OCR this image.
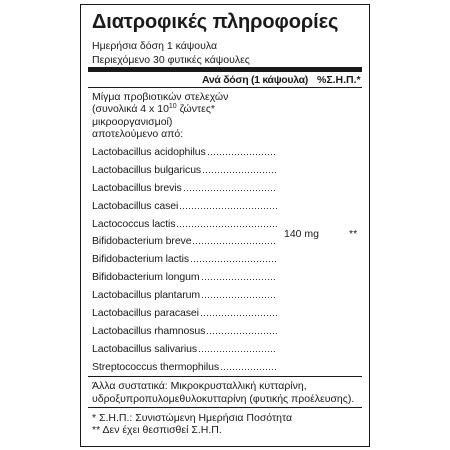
Διατροφικές πληροφορίες
Ημερήσια δόση 1 κάψουλα
Περιεχόμενο 30 φυτικές κάψουλες
Ανά δόση (1 κάψουλα) %Σ.Η.Π.*
Μίγμα προβιοτικών στελεχών
(συνολικά 4 x $10^{10}$ ζώντες*
μικροοργανισμοί)
αποτελούμενο από:
Lactobacillus acidophilus
Lactobacillus bulgaricus
Lactobacillus brevis
Lactobacillus casei
Lactococcus lactis
Bifidobacterium breve
Bifidobacterium lactis
Bifidobacterium longum
Lactobacillus plantarum
Lactobacillus paracasei
Lactobacillus rhamnosus
Lactobacillus salivarius
Streptococcus thermophilus
140 mg	**
Άλλα συστατικά: Μικροκρυσταλλική κυτταρίνη,
υδροξυπροπυλομεθυλοκυτταρίνη (φυτικής προέλευσης).
* Σ.Η.Π.: Συνιστώμενη Ημερήσια Ποσότητα
** Δεν έχει θεσπισθεί Σ.Η.Π.
